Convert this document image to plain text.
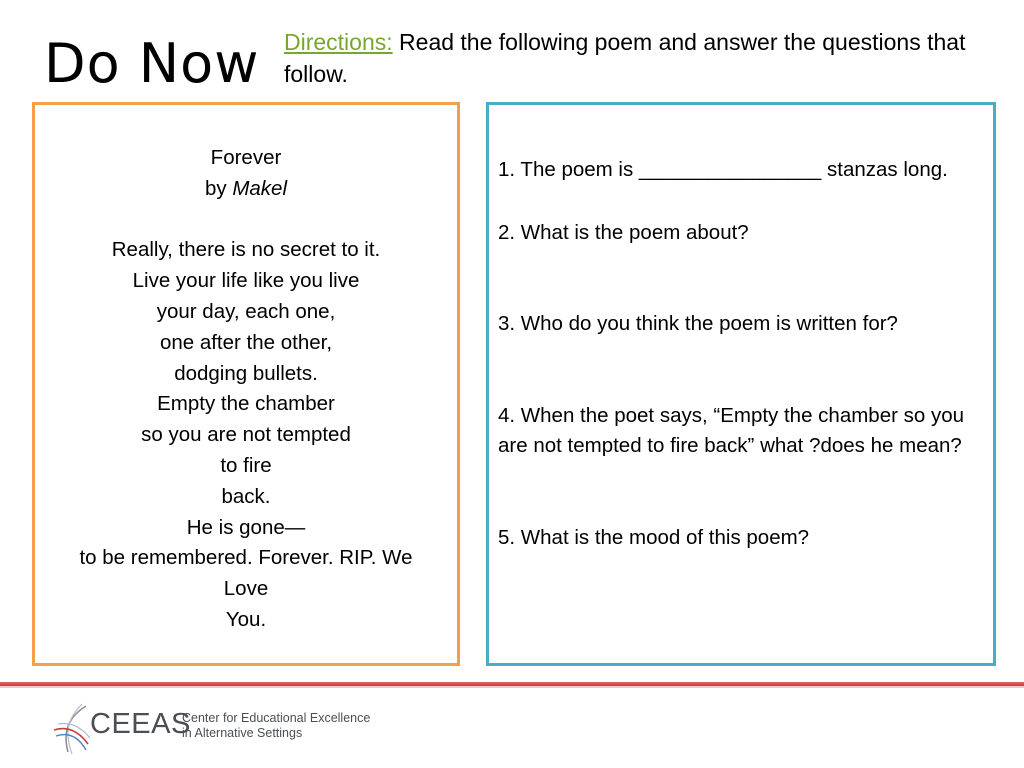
Do Now Directions: Read the following poem and answer the questions that follow.
Forever
by Makel
Really, there is no secret to it.
Live your life like you live
your day, each one,
one after the other,
dodging bullets.
Empty the chamber
so you are not tempted
to fire
back.
He is gone—
to be remembered. Forever. RIP. We
Love
You.
1. The poem is ________________ stanzas long.
2. What is the poem about?
3. Who do you think the poem is written for?
4. When the poet says, “Empty the chamber so you are not tempted to fire back” what ?does he mean?
5. What is the mood of this poem?
CEEAS
Center for Educational Excellence
in Alternative Settings
